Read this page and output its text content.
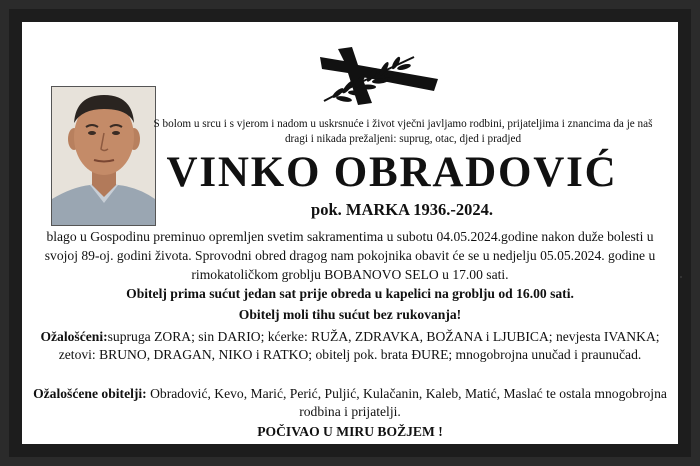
S bolom u srcu i s vjerom i nadom u uskrsnuće i život vječni javljamo rodbini, prijateljima i znancima da je naš dragi i nikada prežaljeni: suprug, otac, djed i pradjed
VINKO OBRADOVIĆ
pok. MARKA 1936.-2024.
blago u Gospodinu preminuo opremljen svetim sakramentima u subotu 04.05.2024.godine nakon duže bolesti u svojoj 89-oj. godini života. Sprovodni obred dragog nam pokojnika obavit će se u nedjelju 05.05.2024. godine u rimokatoličkom groblju BOBANOVO SELO u 17.00 sati.
Obitelj prima sućut jedan sat prije obreda u kapelici na groblju od 16.00 sati.
Obitelj moli tihu sućut bez rukovanja!
Ožalošćeni:supruga ZORA; sin DARIO; kćerke: RUŽA, ZDRAVKA, BOŽANA i LJUBICA; nevjesta IVANKA; zetovi: BRUNO, DRAGAN, NIKO i RATKO; obitelj pok. brata ĐURE; mnogobrojna unučad i praunučad.
Ožalošćene obitelji: Obradović, Kevo, Marić, Perić, Puljić, Kulačanin, Kaleb, Matić, Maslać te ostala mnogobrojna rodbina i prijatelji.
POČIVAO U MIRU BOŽJEM !
